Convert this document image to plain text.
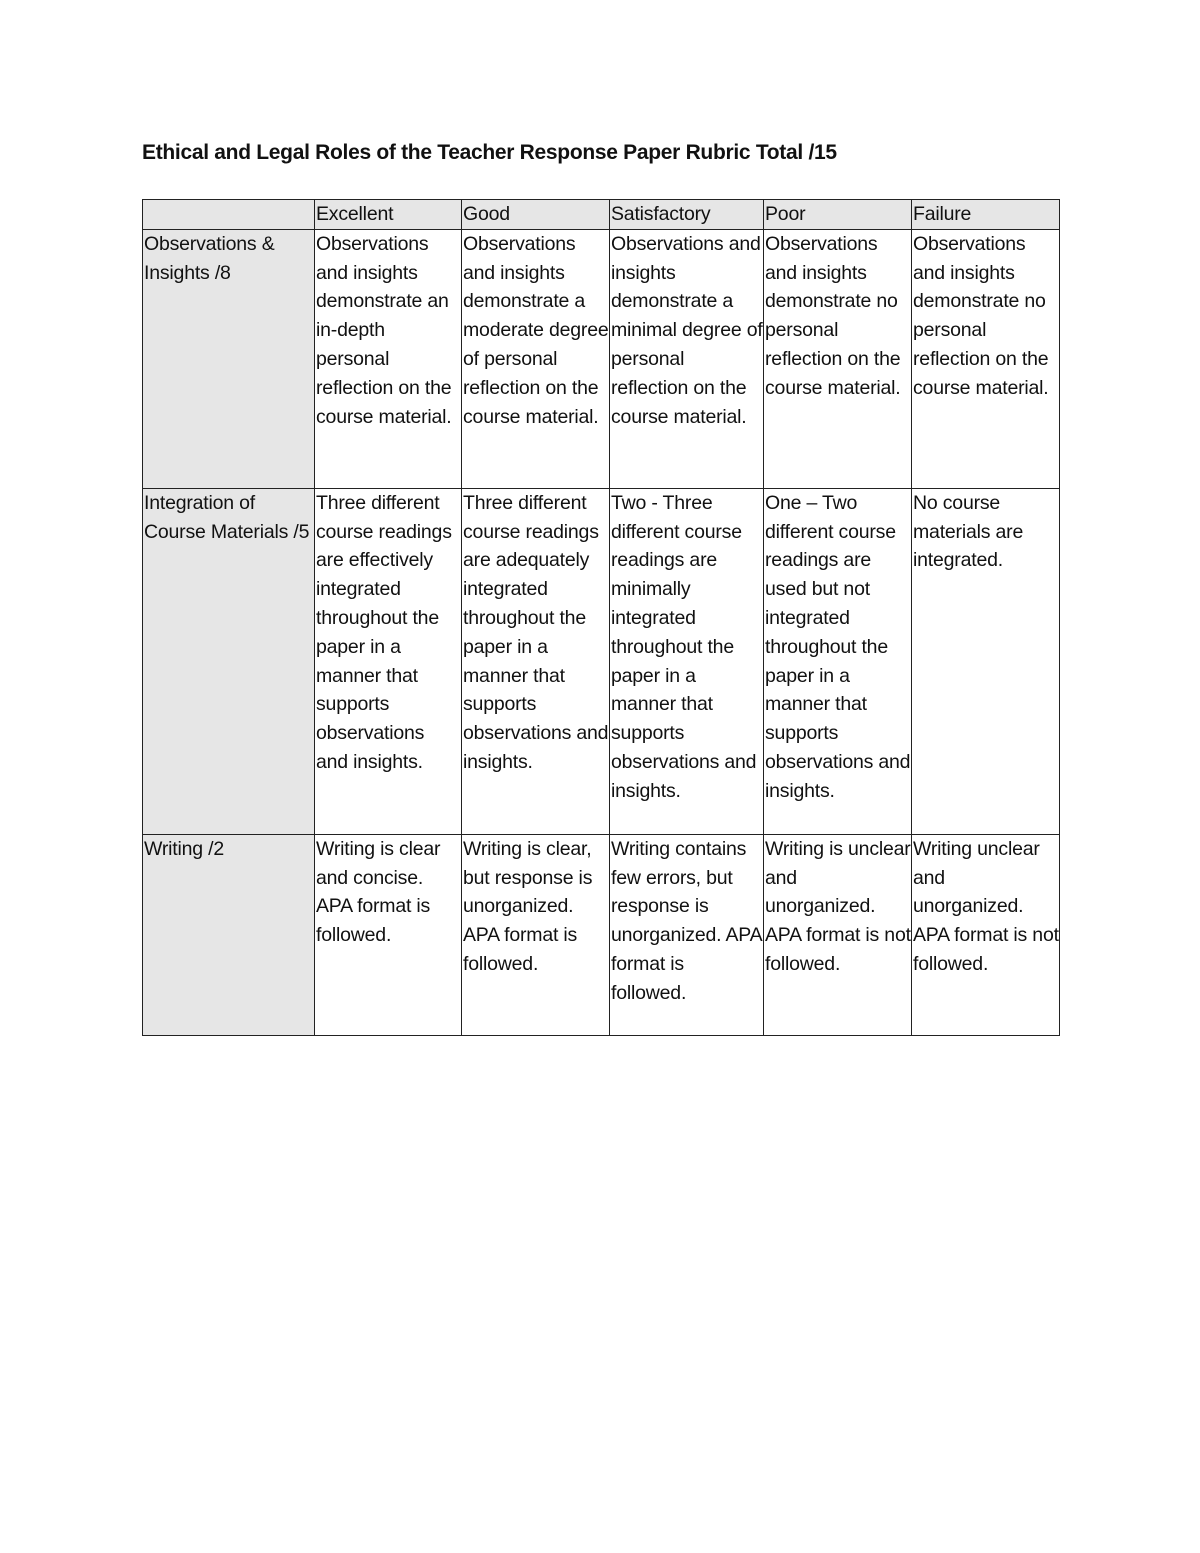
Ethical and Legal Roles of the Teacher Response Paper Rubric Total /15
	Excellent	Good	Satisfactory	Poor	Failure

Observations & Insights /8	Observations and insights demonstrate an in-depth personal reflection on the course material.	Observations and insights demonstrate a moderate degree of personal reflection on the course material.	Observations and insights demonstrate a minimal degree of personal reflection on the course material.	Observations and insights demonstrate no personal reflection on the course material.	Observations and insights demonstrate no personal reflection on the course material.

Integration of Course Materials /5	Three different course readings are effectively integrated throughout the paper in a manner that supports observations and insights.	Three different course readings are adequately integrated throughout the paper in a manner that supports observations and insights.	Two - Three different course readings are minimally integrated throughout the paper in a manner that supports observations and insights.	One – Two different course readings are used but not integrated throughout the paper in a manner that supports observations and insights.	No course materials are integrated.

Writing /2	Writing is clear and concise. APA format is followed.	Writing is clear, but response is unorganized. APA format is followed.	Writing contains few errors, but response is unorganized. APA format is followed.	Writing is unclear and unorganized. APA format is not followed.	Writing unclear and unorganized. APA format is not followed.
